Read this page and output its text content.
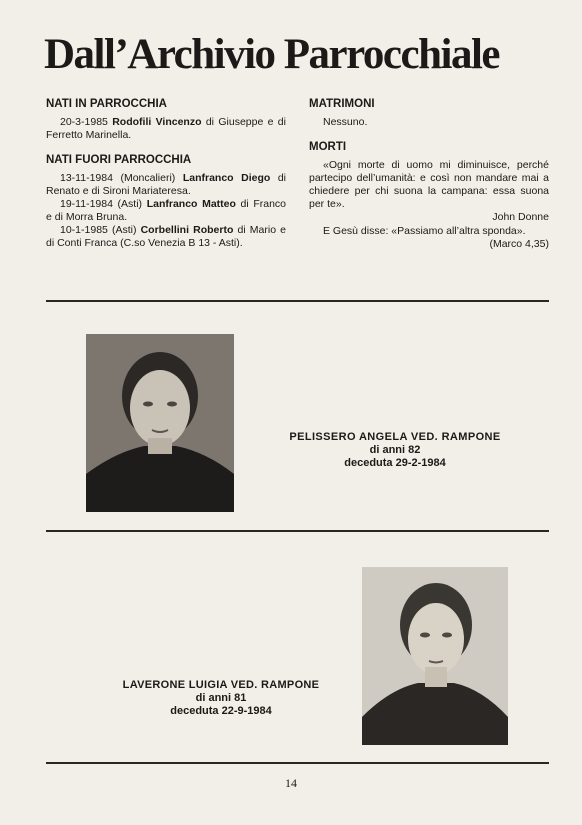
Dall’Archivio Parrocchiale

NATI IN PARROCCHIA

20-3-1985 Rodofili Vincenzo di Giuseppe e di Ferretto Marinella.

NATI FUORI PARROCCHIA

13-11-1984 (Moncalieri) Lanfranco Diego di Renato e di Sironi Mariateresa.

19-11-1984 (Asti) Lanfranco Matteo di Franco e di Morra Bruna.

10-1-1985 (Asti) Corbellini Roberto di Mario e di Conti Franca (C.so Venezia B 13 - Asti).

MATRIMONI

Nessuno.

MORTI

«Ogni morte di uomo mi diminuisce, perché partecipo dell’umanità: e così non mandare mai a chiedere per chi suona la campana: essa suona per te».

John Donne

E Gesù disse: «Passiamo all’altra sponda».

(Marco 4,35)

PELISSERO ANGELA VED. RAMPONE
di anni 82
deceduta 29-2-1984
LAVERONE LUIGIA VED. RAMPONE
di anni 81
deceduta 22-9-1984
14
